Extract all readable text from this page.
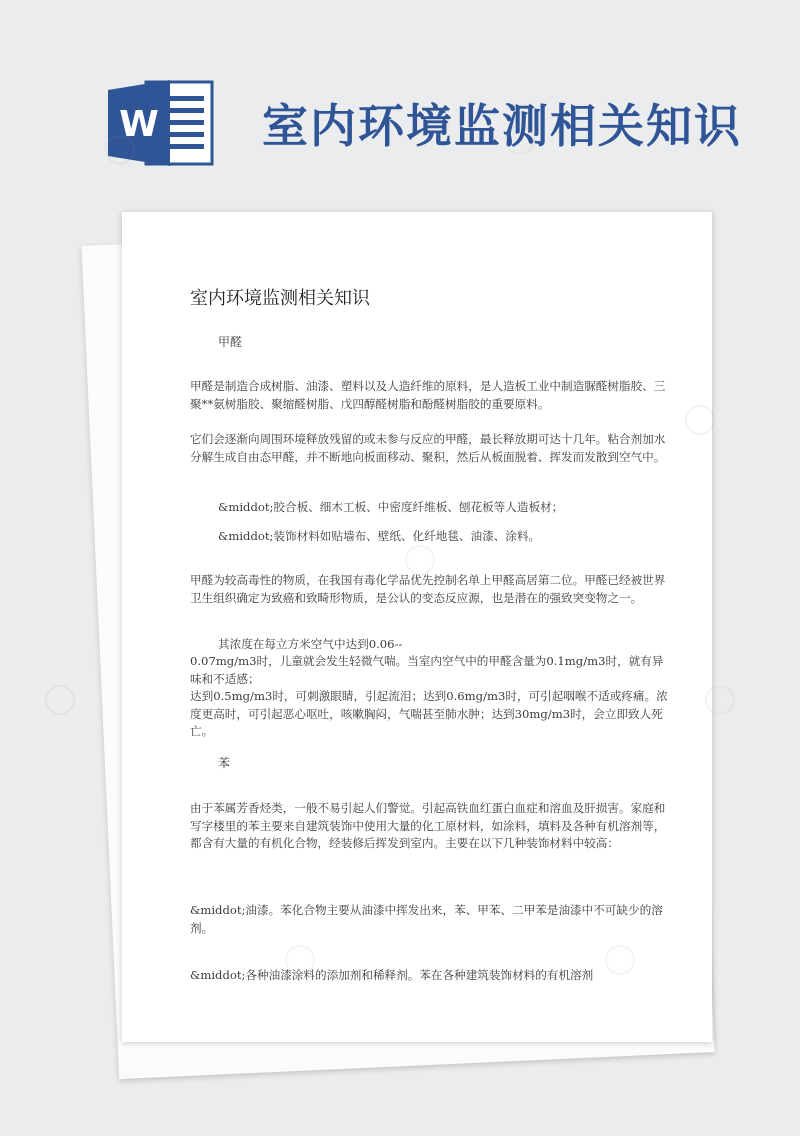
W 室内环境监测相关知识
室内环境监测相关知识
甲醛
甲醛是制造合成树脂、油漆、塑料以及人造纤维的原料，是人造板工业中制造脲醛树脂胶、三聚**氨树脂胶、聚缩醛树脂、戊四醇醛树脂和酚醛树脂胶的重要原料。
它们会逐渐向周围环境释放残留的或未参与反应的甲醛，最长释放期可达十几年。粘合剂加水分解生成自由态甲醛，并不断地向板面移动、聚积，然后从板面脱着、挥发而发散到空气中。
&middot;胶合板、细木工板、中密度纤维板、刨花板等人造板材；
&middot;装饰材料如贴墙布、壁纸、化纤地毯、油漆、涂料。
甲醛为较高毒性的物质，在我国有毒化学品优先控制名单上甲醛高居第二位。甲醛已经被世界卫生组织确定为致癌和致畸形物质，是公认的变态反应源，也是潜在的强致突变物之一。
其浓度在每立方米空气中达到0.06--
0.07mg/m3时，儿童就会发生轻微气喘。当室内空气中的甲醛含量为0.1mg/m3时，就有异味和不适感；
达到0.5mg/m3时，可刺激眼睛，引起流泪；达到0.6mg/m3时，可引起咽喉不适或疼痛。浓度更高时，可引起恶心呕吐，咳嗽胸闷，气喘甚至肺水肿；达到30mg/m3时，会立即致人死亡。
苯
由于苯属芳香烃类，一般不易引起人们警觉。引起高铁血红蛋白血症和溶血及肝损害。家庭和写字楼里的苯主要来自建筑装饰中使用大量的化工原材料，如涂料，填料及各种有机溶剂等，都含有大量的有机化合物，经装修后挥发到室内。主要在以下几种装饰材料中较高：
&middot;油漆。苯化合物主要从油漆中挥发出来，苯、甲苯、二甲苯是油漆中不可缺少的溶剂。
&middot;各种油漆涂料的添加剂和稀释剂。苯在各种建筑装饰材料的有机溶剂
